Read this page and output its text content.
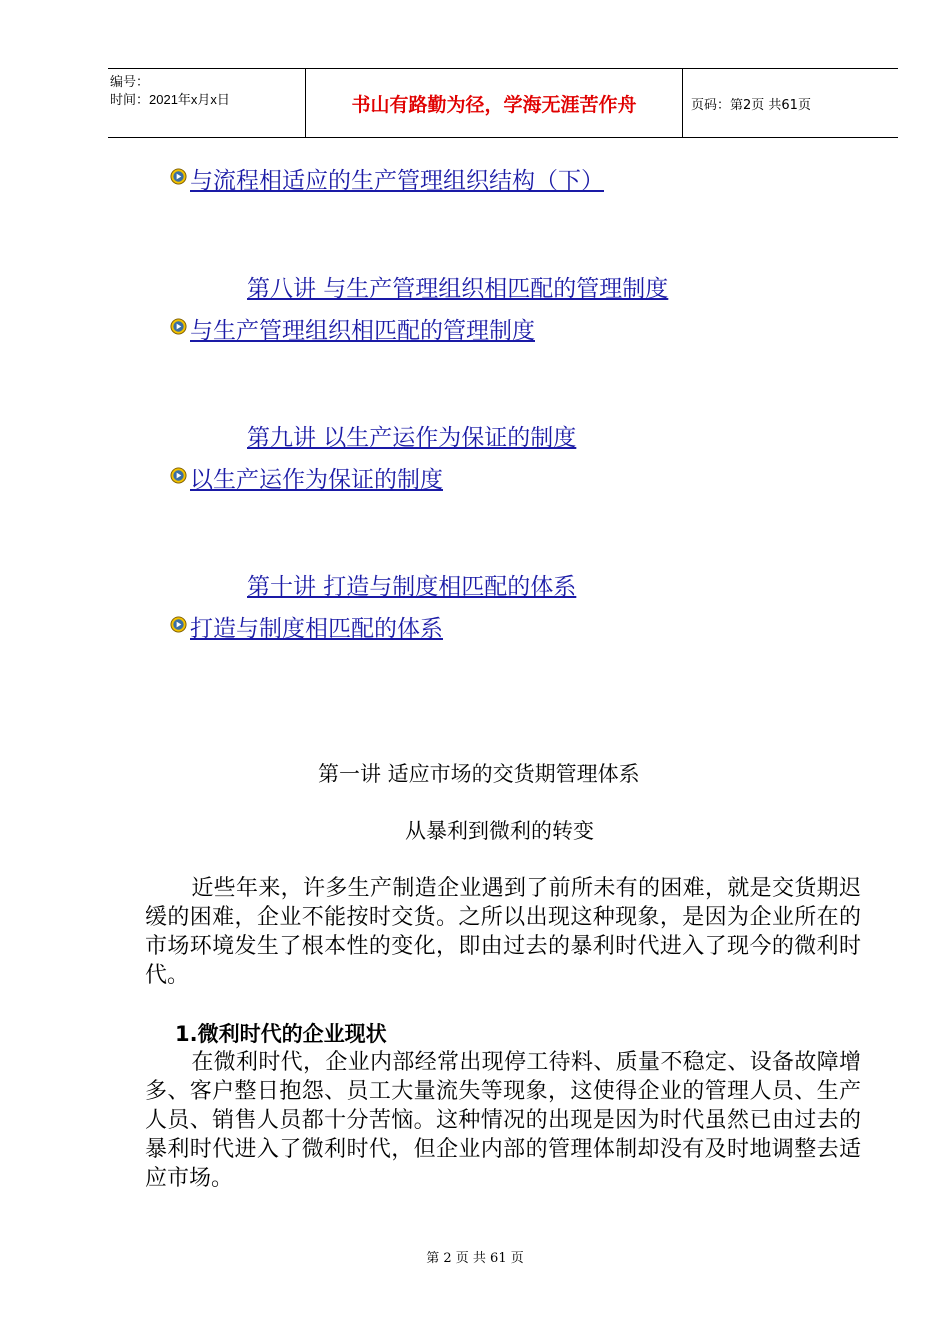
编号：
时间：2021年x月x日	书山有路勤为径，学海无涯苦作舟	页码：第2页 共61页
与流程相适应的生产管理组织结构（下）
第八讲 与生产管理组织相匹配的管理制度
与生产管理组织相匹配的管理制度
第九讲 以生产运作为保证的制度
以生产运作为保证的制度
第十讲 打造与制度相匹配的体系
打造与制度相匹配的体系
第一讲 适应市场的交货期管理体系
从暴利到微利的转变
近些年来，许多生产制造企业遇到了前所未有的困难，就是交货期迟缓的困难，企业不能按时交货。之所以出现这种现象，是因为企业所在的市场环境发生了根本性的变化，即由过去的暴利时代进入了现今的微利时代。
1.微利时代的企业现状
在微利时代，企业内部经常出现停工待料、质量不稳定、设备故障增多、客户整日抱怨、员工大量流失等现象，这使得企业的管理人员、生产人员、销售人员都十分苦恼。这种情况的出现是因为时代虽然已由过去的暴利时代进入了微利时代，但企业内部的管理体制却没有及时地调整去适应市场。
第 2 页 共 61 页
